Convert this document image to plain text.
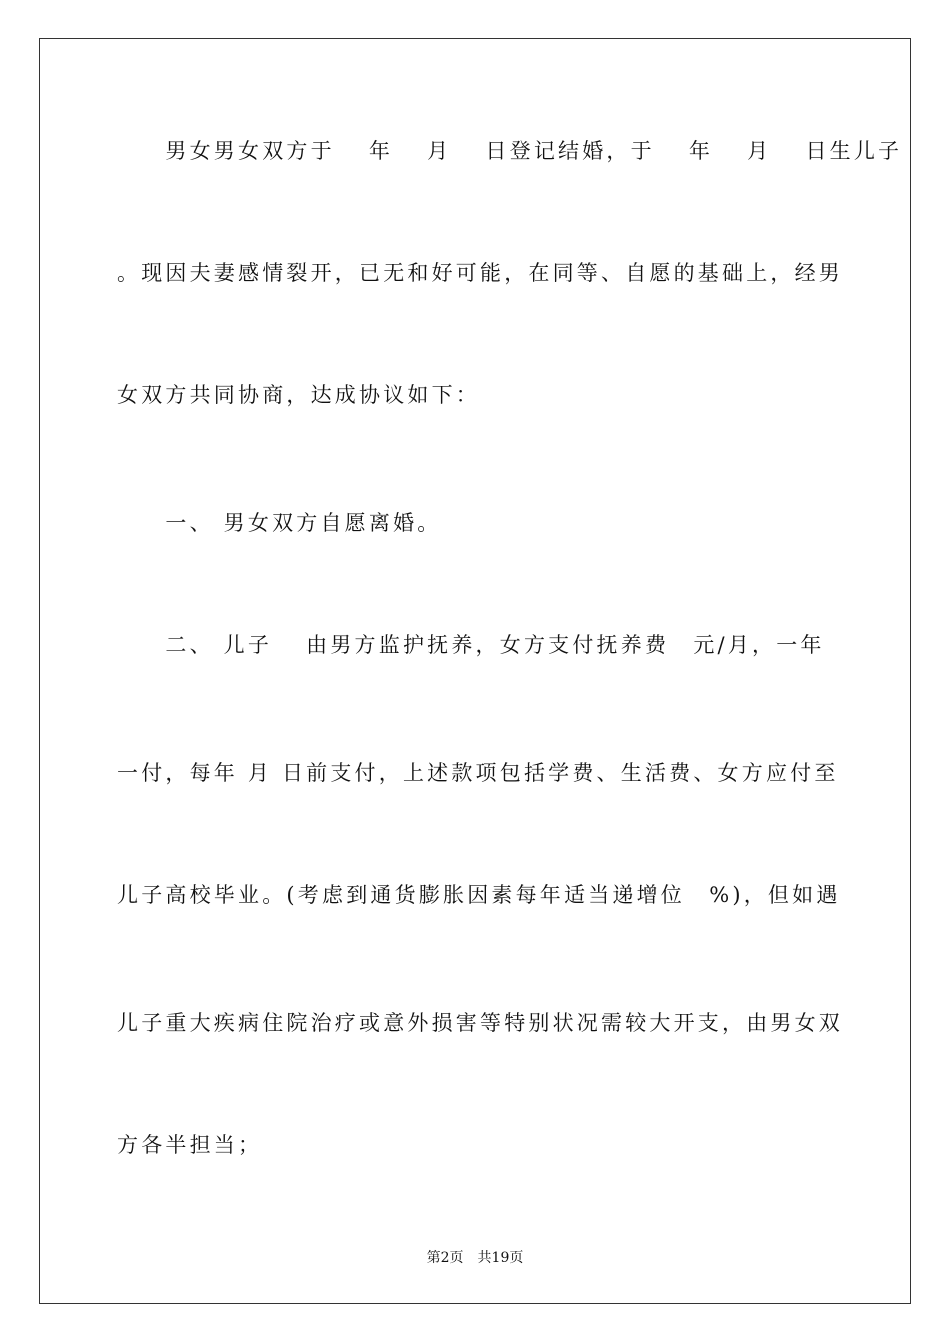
　　男女男女双方于　 年　 月　 日登记结婚，于　 年　 月　 日生儿子
。现因夫妻感情裂开，已无和好可能，在同等、自愿的基础上，经男
女双方共同协商，达成协议如下：
　　一、 男女双方自愿离婚。
　　二、 儿子　 由男方监护抚养，女方支付抚养费　元/月，一年
一付，每年 月 日前支付，上述款项包括学费、生活费、女方应付至
儿子高校毕业。(考虑到通货膨胀因素每年适当递增位　%)，但如遇
儿子重大疾病住院治疗或意外损害等特别状况需较大开支，由男女双
方各半担当；
第2页　共19页
